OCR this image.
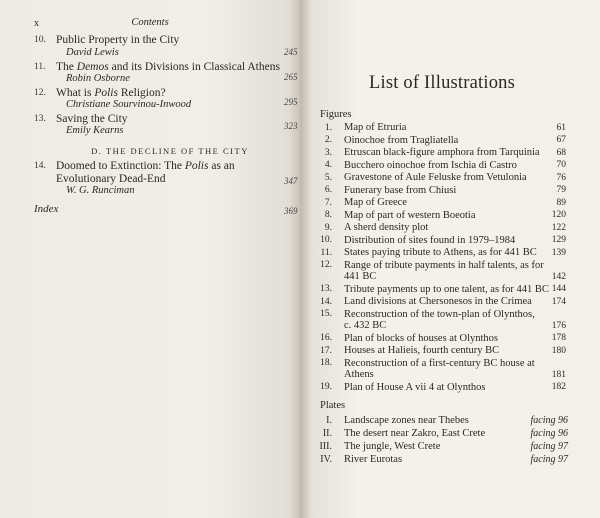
x	Contents
10. Public Property in the City
David Lewis	245
11. The Demos and its Divisions in Classical Athens
Robin Osborne	265
12. What is Polis Religion?
Christiane Sourvinou-Inwood	295
13. Saving the City
Emily Kearns	323
D. THE DECLINE OF THE CITY
14. Doomed to Extinction: The Polis as an
Evolutionary Dead-End
W. G. Runciman
347
Index	369
List of Illustrations
Figures
1. Map of Etruria	61
2. Oinochoe from Tragliatella	67
3. Etruscan black-figure amphora from Tarquinia	68
4. Bucchero oinochoe from Ischia di Castro	70
5. Gravestone of Aule Feluske from Vetulonia	76
6. Funerary base from Chiusi	79
7. Map of Greece	89
8. Map of part of western Boeotia	120
9. A sherd density plot	122
10. Distribution of sites found in 1979–1984	129
11. States paying tribute to Athens, as for 441 BC	139
12. Range of tribute payments in half talents, as for
441 BC	142
13. Tribute payments up to one talent, as for 441 BC 144
14. Land divisions at Chersonesos in the Crimea	174
15. Reconstruction of the town-plan of Olynthos,
c. 432 BC	176
16. Plan of blocks of houses at Olynthos	178
17. Houses at Halieis, fourth century BC	180
18. Reconstruction of a first-century BC house at
Athens	181
19. Plan of House A vii 4 at Olynthos	182
Plates
I. Landscape zones near Thebes	facing 96
II. The desert near Zakro, East Crete	facing 96
III. The jungle, West Crete	facing 97
IV. River Eurotas	facing 97
